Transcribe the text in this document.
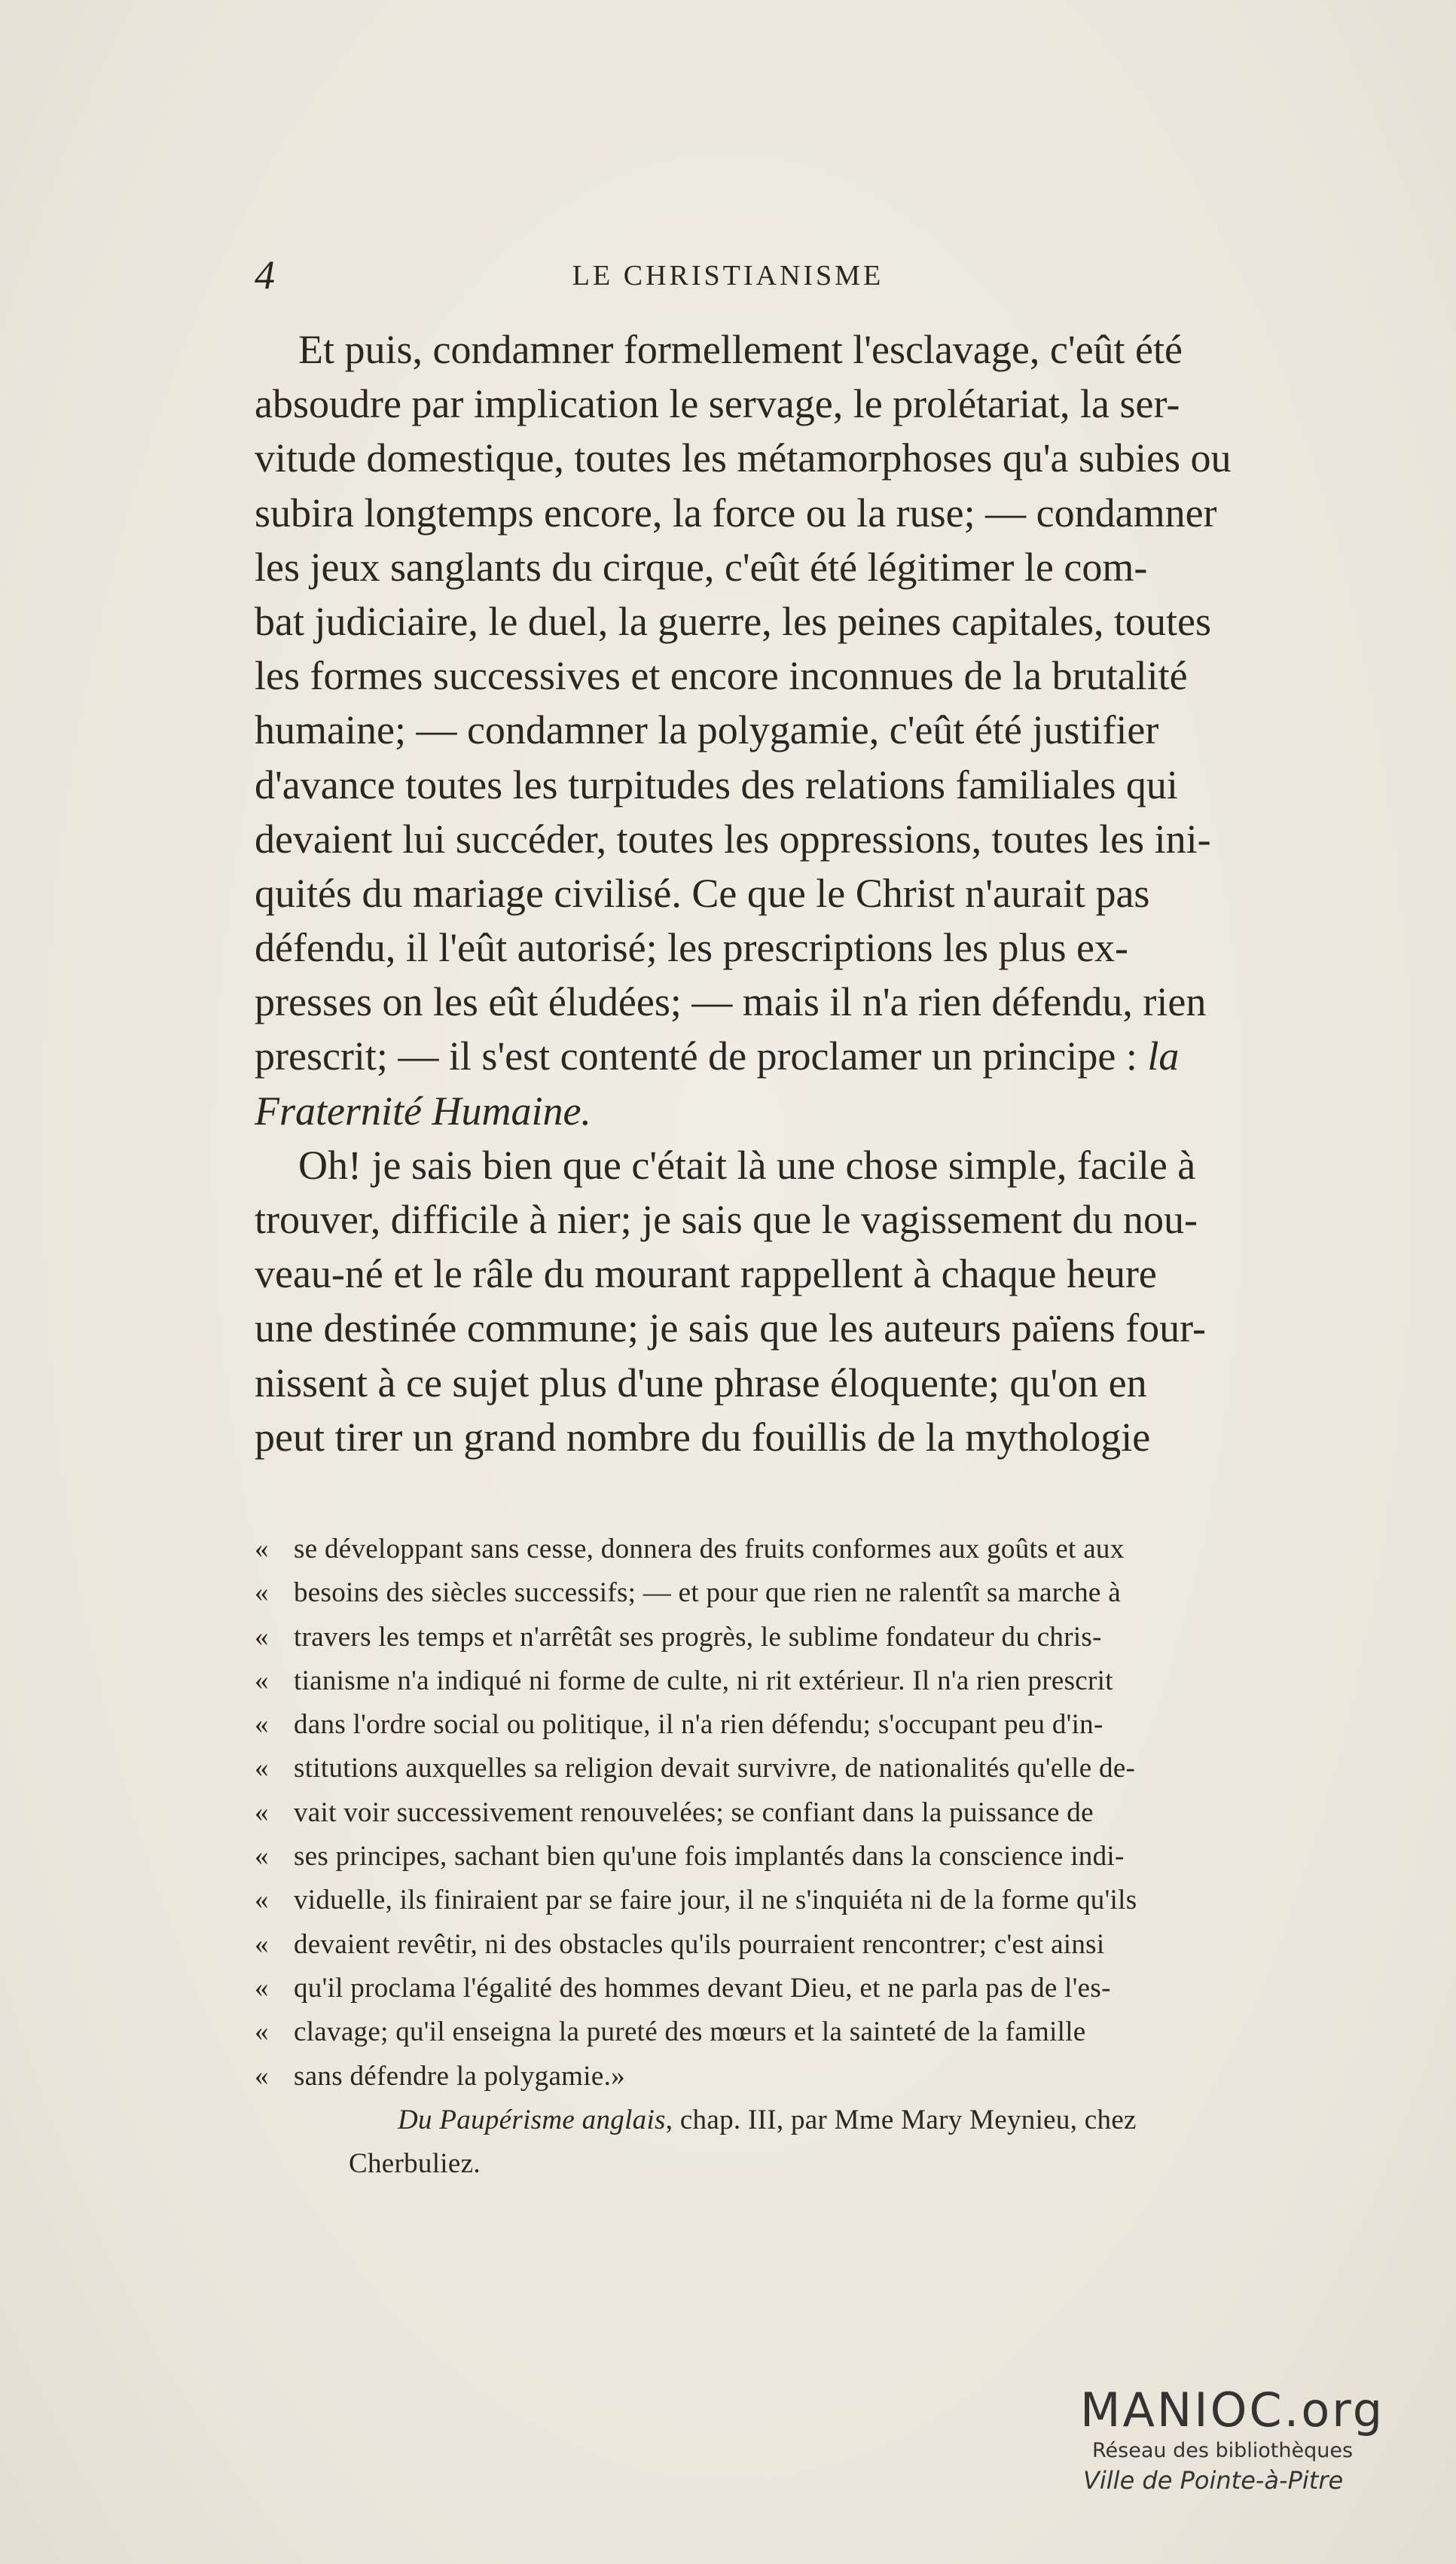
4	LE CHRISTIANISME
Et puis, condamner formellement l'esclavage, c'eût été
absoudre par implication le servage, le prolétariat, la ser-
vitude domestique, toutes les métamorphoses qu'a subies ou
subira longtemps encore, la force ou la ruse; — condamner
les jeux sanglants du cirque, c'eût été légitimer le com-
bat judiciaire, le duel, la guerre, les peines capitales, toutes
les formes successives et encore inconnues de la brutalité
humaine; — condamner la polygamie, c'eût été justifier
d'avance toutes les turpitudes des relations familiales qui
devaient lui succéder, toutes les oppressions, toutes les ini-
quités du mariage civilisé. Ce que le Christ n'aurait pas
défendu, il l'eût autorisé; les prescriptions les plus ex-
presses on les eût éludées; — mais il n'a rien défendu, rien
prescrit; — il s'est contenté de proclamer un principe : la
Fraternité Humaine.
Oh! je sais bien que c'était là une chose simple, facile à
trouver, difficile à nier; je sais que le vagissement du nou-
veau-né et le râle du mourant rappellent à chaque heure
une destinée commune; je sais que les auteurs païens four-
nissent à ce sujet plus d'une phrase éloquente; qu'on en
peut tirer un grand nombre du fouillis de la mythologie
« se développant sans cesse, donnera des fruits conformes aux goûts et aux
« besoins des siècles successifs; — et pour que rien ne ralentît sa marche à
« travers les temps et n'arrêtât ses progrès, le sublime fondateur du chris-
« tianisme n'a indiqué ni forme de culte, ni rit extérieur. Il n'a rien prescrit
« dans l'ordre social ou politique, il n'a rien défendu; s'occupant peu d'in-
« stitutions auxquelles sa religion devait survivre, de nationalités qu'elle de-
« vait voir successivement renouvelées; se confiant dans la puissance de
« ses principes, sachant bien qu'une fois implantés dans la conscience indi-
« viduelle, ils finiraient par se faire jour, il ne s'inquiéta ni de la forme qu'ils
« devaient revêtir, ni des obstacles qu'ils pourraient rencontrer; c'est ainsi
« qu'il proclama l'égalité des hommes devant Dieu, et ne parla pas de l'es-
« clavage; qu'il enseigna la pureté des mœurs et la sainteté de la famille
« sans défendre la polygamie.»
Du Paupérisme anglais, chap. III, par Mme Mary Meynieu, chez
Cherbuliez.
MANIOC.org
Réseau des bibliothèques
Ville de Pointe-à-Pitre
